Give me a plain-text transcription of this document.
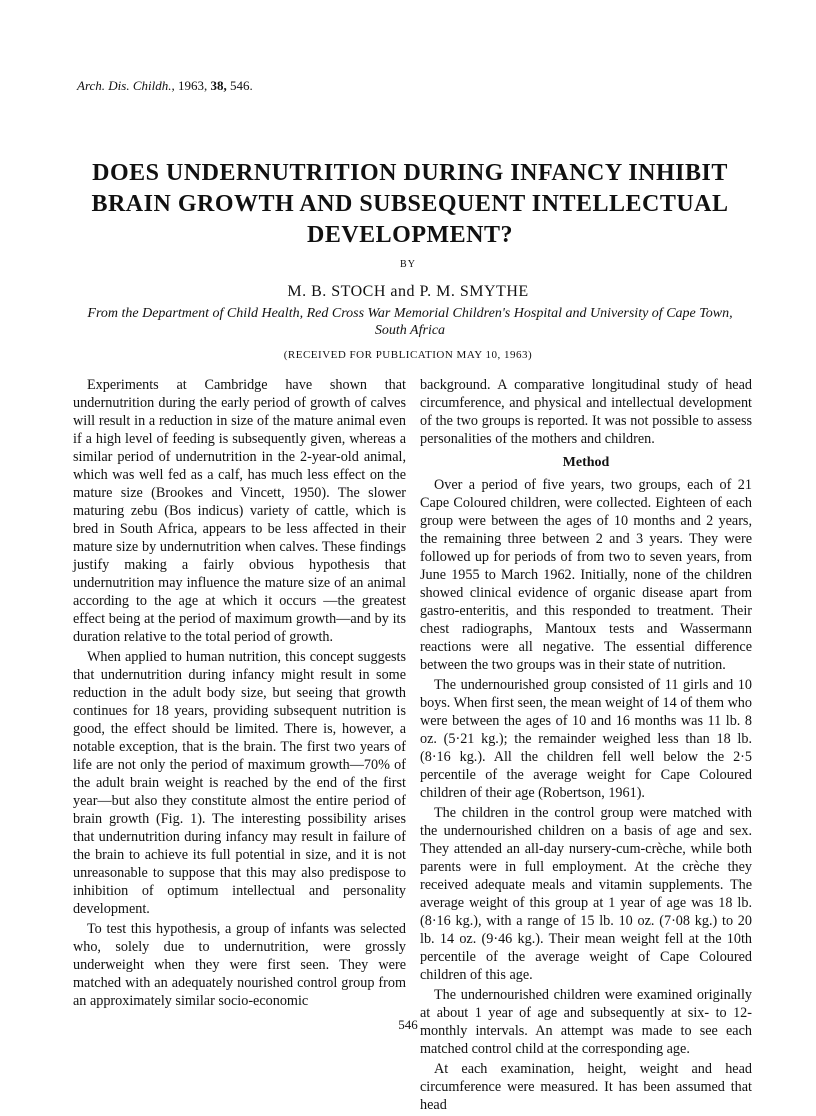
Arch. Dis. Childh., 1963, 38, 546.
DOES UNDERNUTRITION DURING INFANCY INHIBIT
BRAIN GROWTH AND SUBSEQUENT INTELLECTUAL
DEVELOPMENT?
BY
M. B. STOCH and P. M. SMYTHE
From the Department of Child Health, Red Cross War Memorial Children's Hospital and University of Cape Town, South Africa
(RECEIVED FOR PUBLICATION MAY 10, 1963)

Experiments at Cambridge have shown that undernutrition during the early period of growth of calves will result in a reduction in size of the mature animal even if a high level of feeding is subsequently given, whereas a similar period of undernutrition in the 2-year-old animal, which was well fed as a calf, has much less effect on the mature size (Brookes and Vincett, 1950). The slower maturing zebu (Bos indicus) variety of cattle, which is bred in South Africa, appears to be less affected in their mature size by undernutrition when calves. These findings justify making a fairly obvious hypothesis that undernutrition may influence the mature size of an animal according to the age at which it occurs —the greatest effect being at the period of maximum growth—and by its duration relative to the total period of growth.

When applied to human nutrition, this concept suggests that undernutrition during infancy might result in some reduction in the adult body size, but seeing that growth continues for 18 years, providing subsequent nutrition is good, the effect should be limited. There is, however, a notable exception, that is the brain. The first two years of life are not only the period of maximum growth—70% of the adult brain weight is reached by the end of the first year—but also they constitute almost the entire period of brain growth (Fig. 1). The interesting possibility arises that undernutrition during infancy may result in failure of the brain to achieve its full potential in size, and it is not unreasonable to suppose that this may also predispose to inhibition of optimum intellectual and personality development.

To test this hypothesis, a group of infants was selected who, solely due to undernutrition, were grossly underweight when they were first seen. They were matched with an adequately nourished control group from an approximately similar socio-economic

background. A comparative longitudinal study of head circumference, and physical and intellectual development of the two groups is reported. It was not possible to assess personalities of the mothers and children.

Method

Over a period of five years, two groups, each of 21 Cape Coloured children, were collected. Eighteen of each group were between the ages of 10 months and 2 years, the remaining three between 2 and 3 years. They were followed up for periods of from two to seven years, from June 1955 to March 1962. Initially, none of the children showed clinical evidence of organic disease apart from gastro-enteritis, and this responded to treatment. Their chest radiographs, Mantoux tests and Wassermann reactions were all negative. The essential difference between the two groups was in their state of nutrition.

The undernourished group consisted of 11 girls and 10 boys. When first seen, the mean weight of 14 of them who were between the ages of 10 and 16 months was 11 lb. 8 oz. (5·21 kg.); the remainder weighed less than 18 lb. (8·16 kg.). All the children fell well below the 2·5 percentile of the average weight for Cape Coloured children of their age (Robertson, 1961).

The children in the control group were matched with the undernourished children on a basis of age and sex. They attended an all-day nursery-cum-crèche, while both parents were in full employment. At the crèche they received adequate meals and vitamin supplements. The average weight of this group at 1 year of age was 18 lb. (8·16 kg.), with a range of 15 lb. 10 oz. (7·08 kg.) to 20 lb. 14 oz. (9·46 kg.). Their mean weight fell at the 10th percentile of the average weight of Cape Coloured children of this age.

The undernourished children were examined originally at about 1 year of age and subsequently at six- to 12-monthly intervals. An attempt was made to see each matched control child at the corresponding age.

At each examination, height, weight and head circumference were measured. It has been assumed that head

546
